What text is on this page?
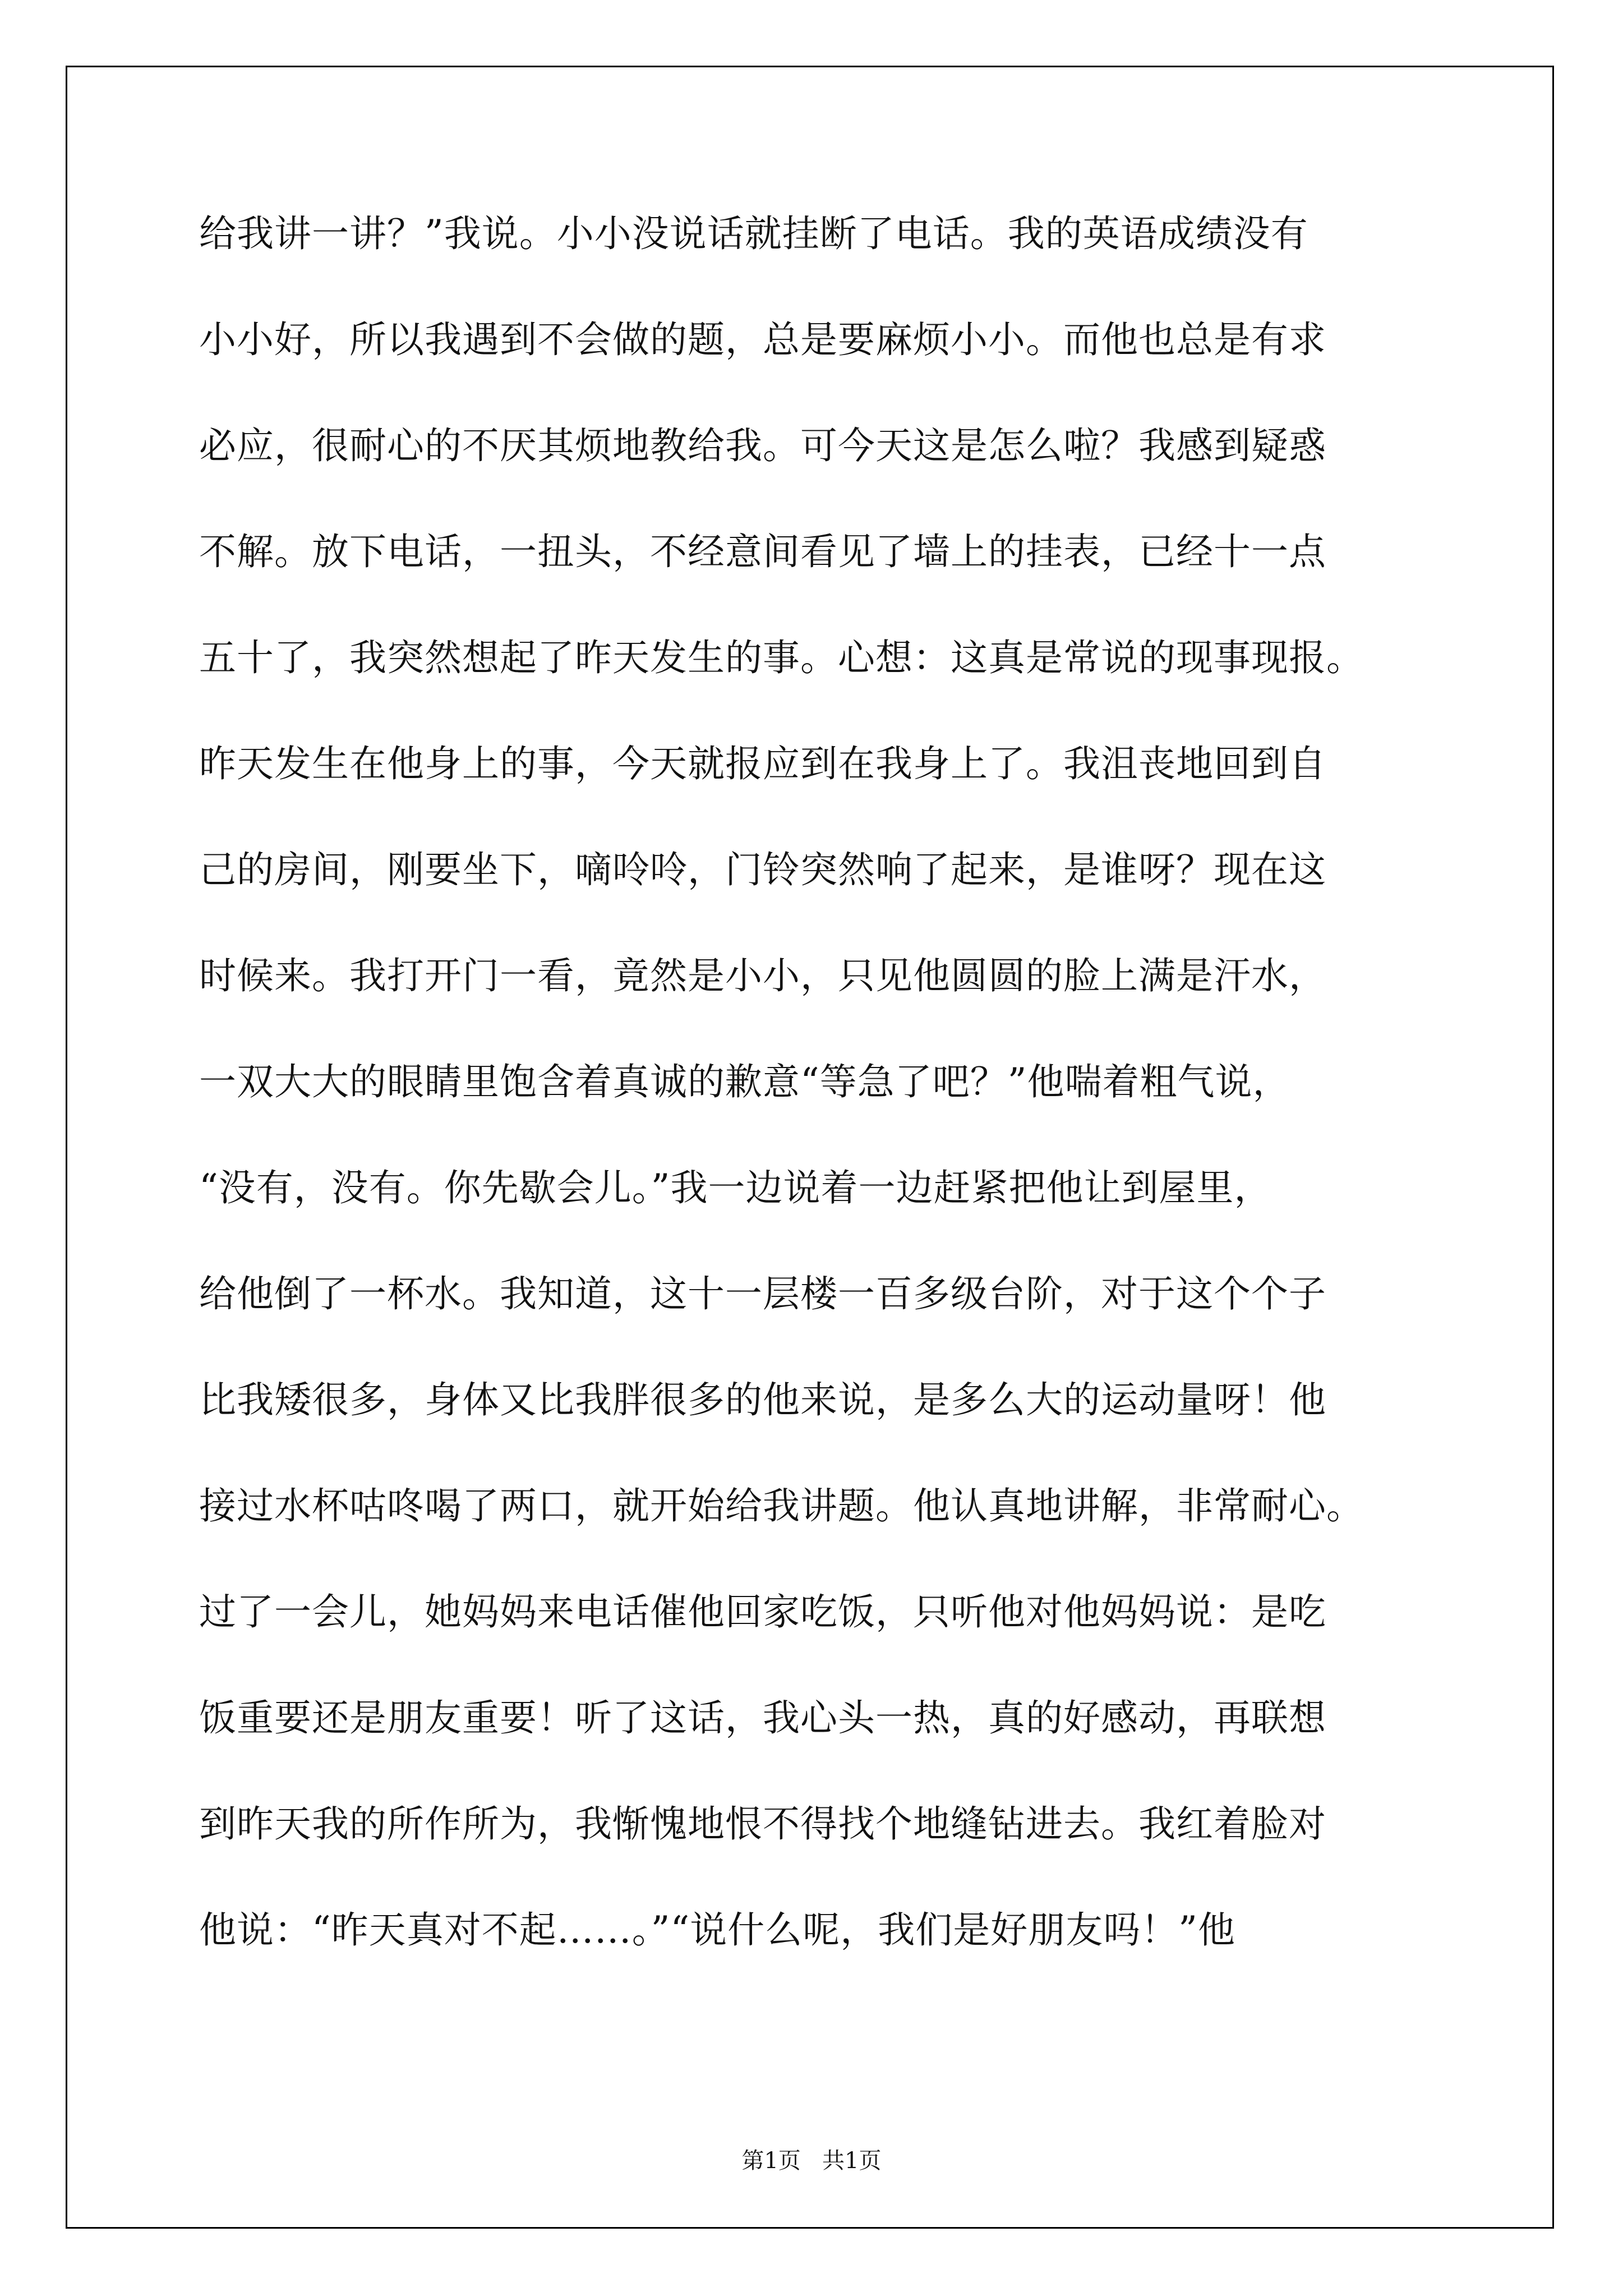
给我讲一讲？”我说。小小没说话就挂断了电话。我的英语成绩没有
小小好，所以我遇到不会做的题，总是要麻烦小小。而他也总是有求
必应，很耐心的不厌其烦地教给我。可今天这是怎么啦？我感到疑惑
不解。放下电话，一扭头，不经意间看见了墙上的挂表，已经十一点
五十了，我突然想起了昨天发生的事。心想：这真是常说的现事现报。
昨天发生在他身上的事，今天就报应到在我身上了。我沮丧地回到自
己的房间，刚要坐下，嘀呤呤，门铃突然响了起来，是谁呀？现在这
时候来。我打开门一看，竟然是小小，只见他圆圆的脸上满是汗水，
一双大大的眼睛里饱含着真诚的歉意“等急了吧？”他喘着粗气说，
“没有，没有。你先歇会儿。”我一边说着一边赶紧把他让到屋里，
给他倒了一杯水。我知道，这十一层楼一百多级台阶，对于这个个子
比我矮很多，身体又比我胖很多的他来说，是多么大的运动量呀！他
接过水杯咕咚喝了两口，就开始给我讲题。他认真地讲解，非常耐心。
过了一会儿，她妈妈来电话催他回家吃饭，只听他对他妈妈说：是吃
饭重要还是朋友重要！听了这话，我心头一热，真的好感动，再联想
到昨天我的所作所为，我惭愧地恨不得找个地缝钻进去。我红着脸对
他说：“昨天真对不起……。”“说什么呢，我们是好朋友吗！”他
第1页   共1页
